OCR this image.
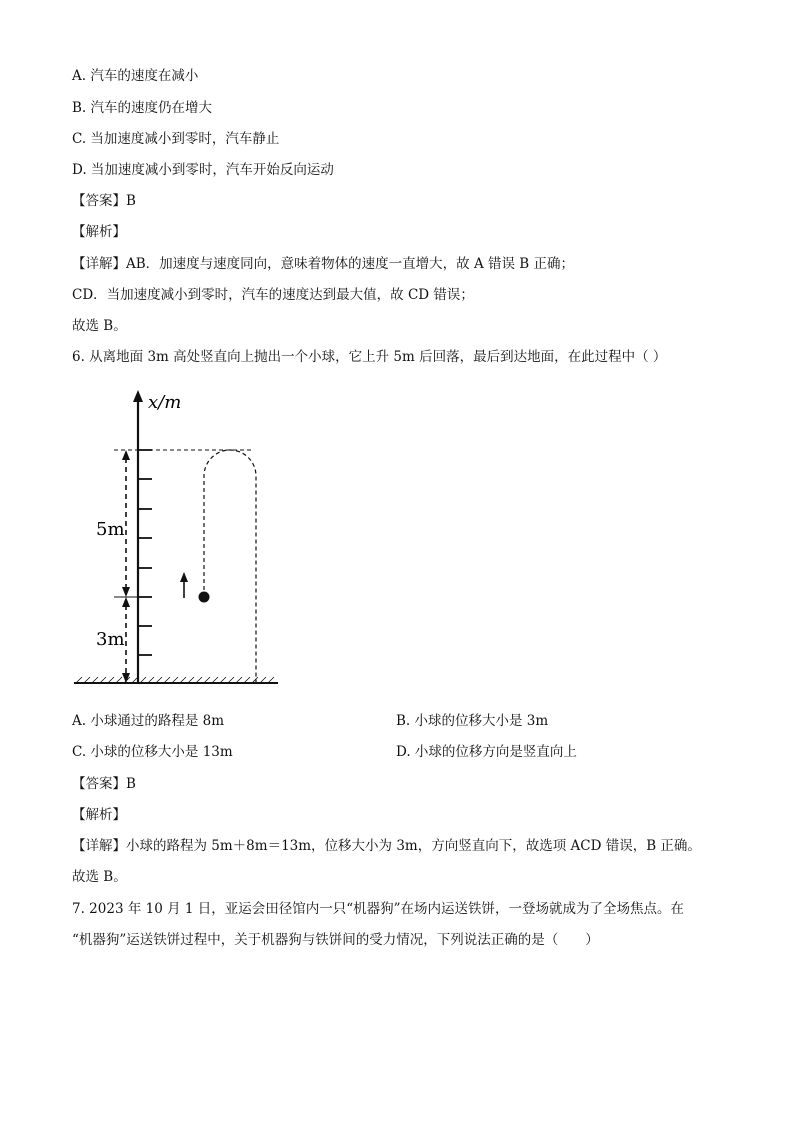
A. 汽车的速度在减小
B. 汽车的速度仍在增大
C. 当加速度减小到零时，汽车静止
D. 当加速度减小到零时，汽车开始反向运动
【答案】B
【解析】
【详解】AB．加速度与速度同向，意味着物体的速度一直增大，故 A 错误 B 正确；
CD．当加速度减小到零时，汽车的速度达到最大值，故 CD 错误；
故选 B。
6. 从离地面 3m 高处竖直向上抛出一个小球，它上升 5m 后回落，最后到达地面，在此过程中（ ）
x/m
5m
3m
A. 小球通过的路程是 8m	B. 小球的位移大小是 3m
C. 小球的位移大小是 13m	D. 小球的位移方向是竖直向上
【答案】B
【解析】
【详解】小球的路程为 5m＋8m＝13m，位移大小为 3m，方向竖直向下，故选项 ACD 错误，B 正确。
故选 B。
7. 2023 年 10 月 1 日，亚运会田径馆内一只“机器狗”在场内运送铁饼，一登场就成为了全场焦点。在
“机器狗”运送铁饼过程中，关于机器狗与铁饼间的受力情况，下列说法正确的是（　　）
